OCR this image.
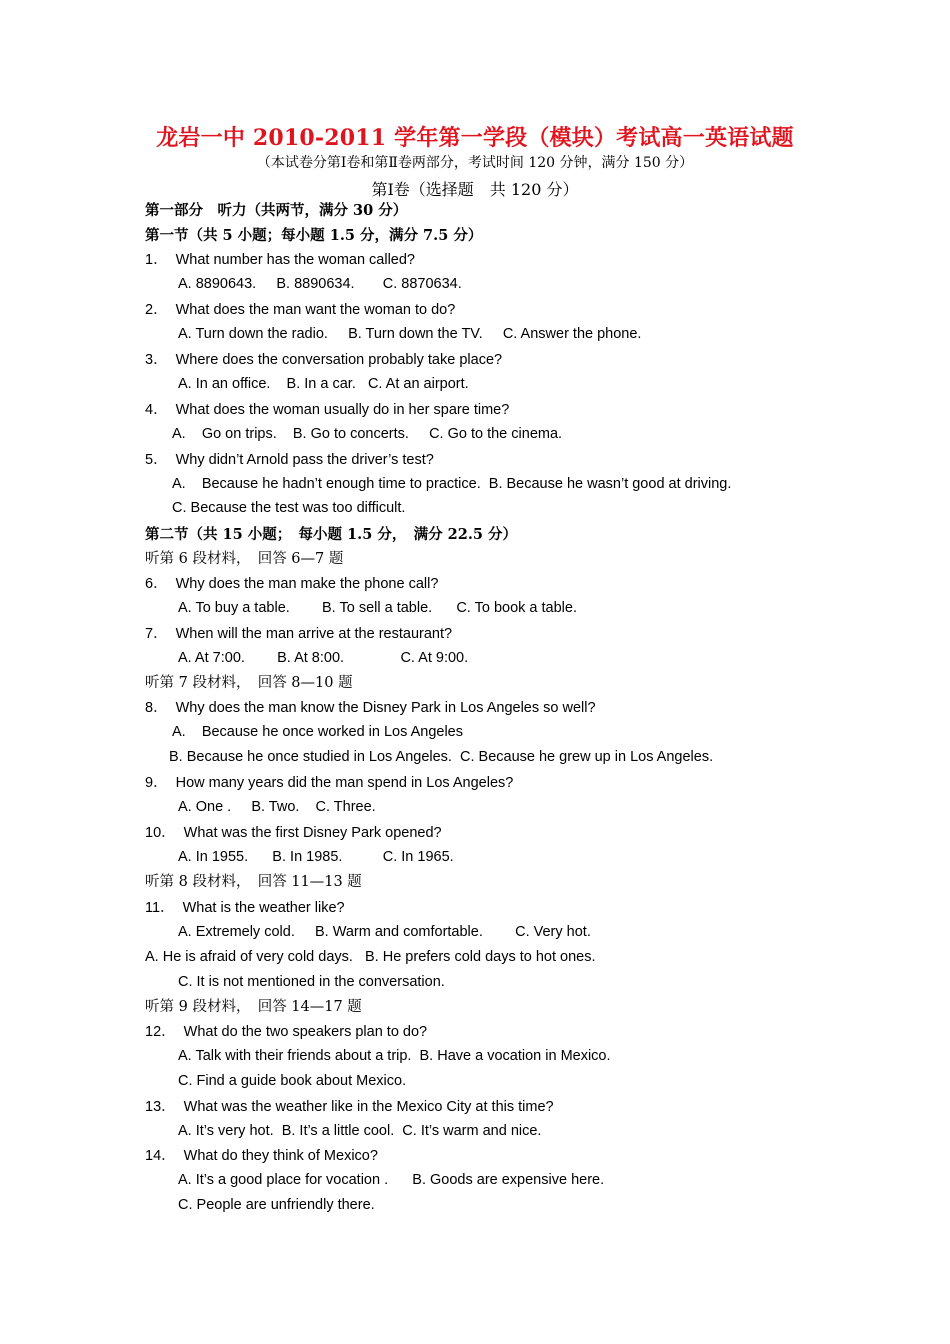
龙岩一中 2010-2011 学年第一学段（模块）考试高一英语试题
（本试卷分第Ⅰ卷和第Ⅱ卷两部分，考试时间 120 分钟，满分 150 分）
第Ⅰ卷（选择题　共 120 分）
第一部分　听力（共两节，满分 30 分）
第一节（共 5 小题；每小题 1.5 分，满分 7.5 分）
1．  What number has the woman called?
A. 8890643.     B. 8890634.       C. 8870634.
2．  What does the man want the woman to do?
A. Turn down the radio.     B. Turn down the TV.     C. Answer the phone.
3．  Where does the conversation probably take place?
A. In an office.    B. In a car.   C. At an airport.
4．  What does the woman usually do in her spare time?
A.    Go on trips.    B. Go to concerts.     C. Go to the cinema.
5．  Why didn’t Arnold pass the driver’s test?
A.    Because he hadn’t enough time to practice.  B. Because he wasn’t good at driving.
C. Because the test was too difficult.
第二节（共 15 小题；　每小题 1.5 分，　满分 22.5 分）
听第 6 段材料，　回答 6—7 题
6．  Why does the man make the phone call?
A. To buy a table.        B. To sell a table.      C. To book a table.
7．  When will the man arrive at the restaurant?
A. At 7:00.        B. At 8:00.              C. At 9:00.
听第 7 段材料，　回答 8—10 题
8．  Why does the man know the Disney Park in Los Angeles so well?
A.    Because he once worked in Los Angeles
B. Because he once studied in Los Angeles.  C. Because he grew up in Los Angeles.
9．  How many years did the man spend in Los Angeles?
A. One .     B. Two.    C. Three.
10．  What was the first Disney Park opened?
A. In 1955.      B. In 1985.          C. In 1965.
听第 8 段材料，　回答 11—13 题
11．  What is the weather like?
A. Extremely cold.     B. Warm and comfortable.        C. Very hot.
A. He is afraid of very cold days.   B. He prefers cold days to hot ones.
C. It is not mentioned in the conversation.
听第 9 段材料，　回答 14—17 题
12．  What do the two speakers plan to do?
A. Talk with their friends about a trip.  B. Have a vocation in Mexico.
C. Find a guide book about Mexico.
13．  What was the weather like in the Mexico City at this time?
A. It’s very hot.  B. It’s a little cool.  C. It’s warm and nice.
14．  What do they think of Mexico?
A. It’s a good place for vocation .      B. Goods are expensive here.
C. People are unfriendly there.
